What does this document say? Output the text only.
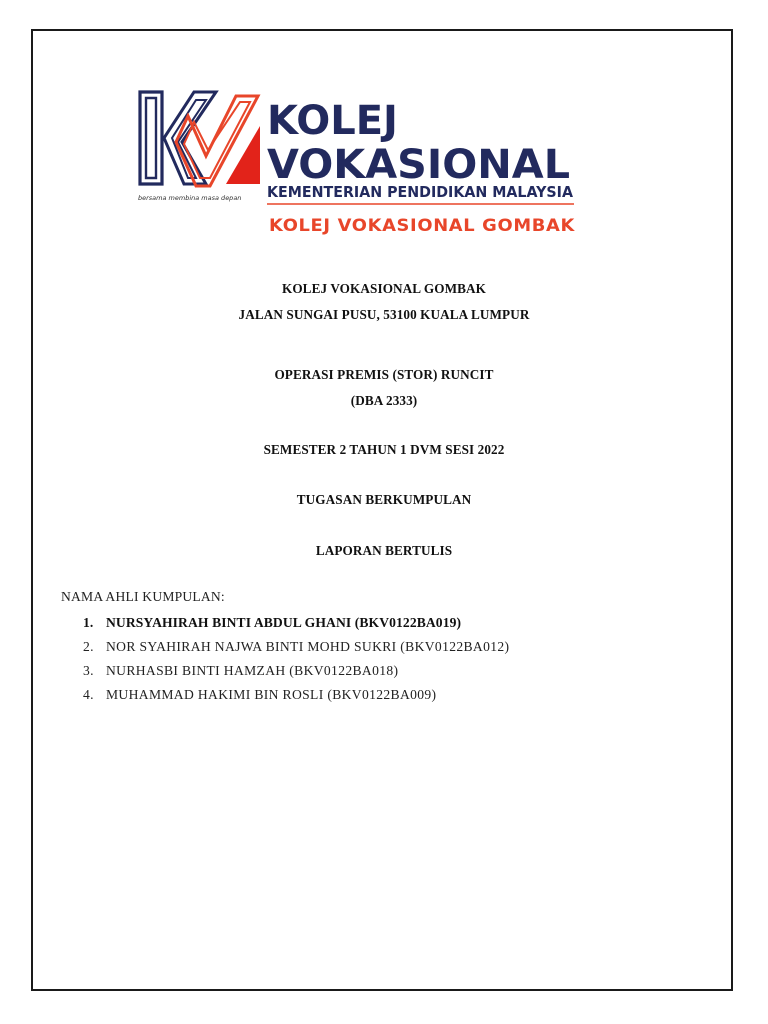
bersama membina masa depan
KOLEJ
VOKASIONAL
KEMENTERIAN PENDIDIKAN MALAYSIA
KOLEJ VOKASIONAL GOMBAK
KOLEJ VOKASIONAL GOMBAK
JALAN SUNGAI PUSU, 53100 KUALA LUMPUR
OPERASI PREMIS (STOR) RUNCIT
(DBA 2333)
SEMESTER 2 TAHUN 1 DVM SESI 2022
TUGASAN BERKUMPULAN
LAPORAN BERTULIS
NAMA AHLI KUMPULAN:
1. NURSYAHIRAH BINTI ABDUL GHANI (BKV0122BA019)
2. NOR SYAHIRAH NAJWA BINTI MOHD SUKRI (BKV0122BA012)
3. NURHASBI BINTI HAMZAH (BKV0122BA018)
4. MUHAMMAD HAKIMI BIN ROSLI (BKV0122BA009)
